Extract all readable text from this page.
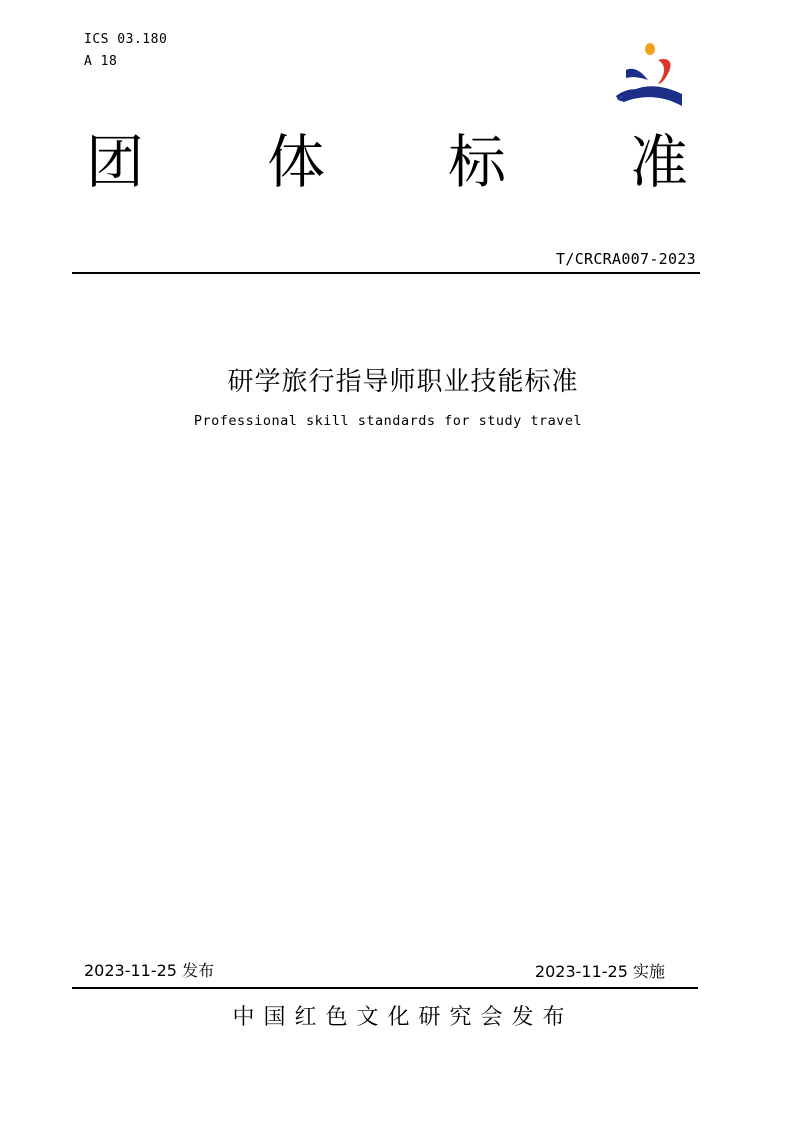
ICS 03.180
A 18
团 体 标 准
T/CRCRA007-2023
研学旅行指导师职业技能标准
Professional skill standards for study travel
2023-11-25 发布	2023-11-25 实施
中国红色文化研究会发布
